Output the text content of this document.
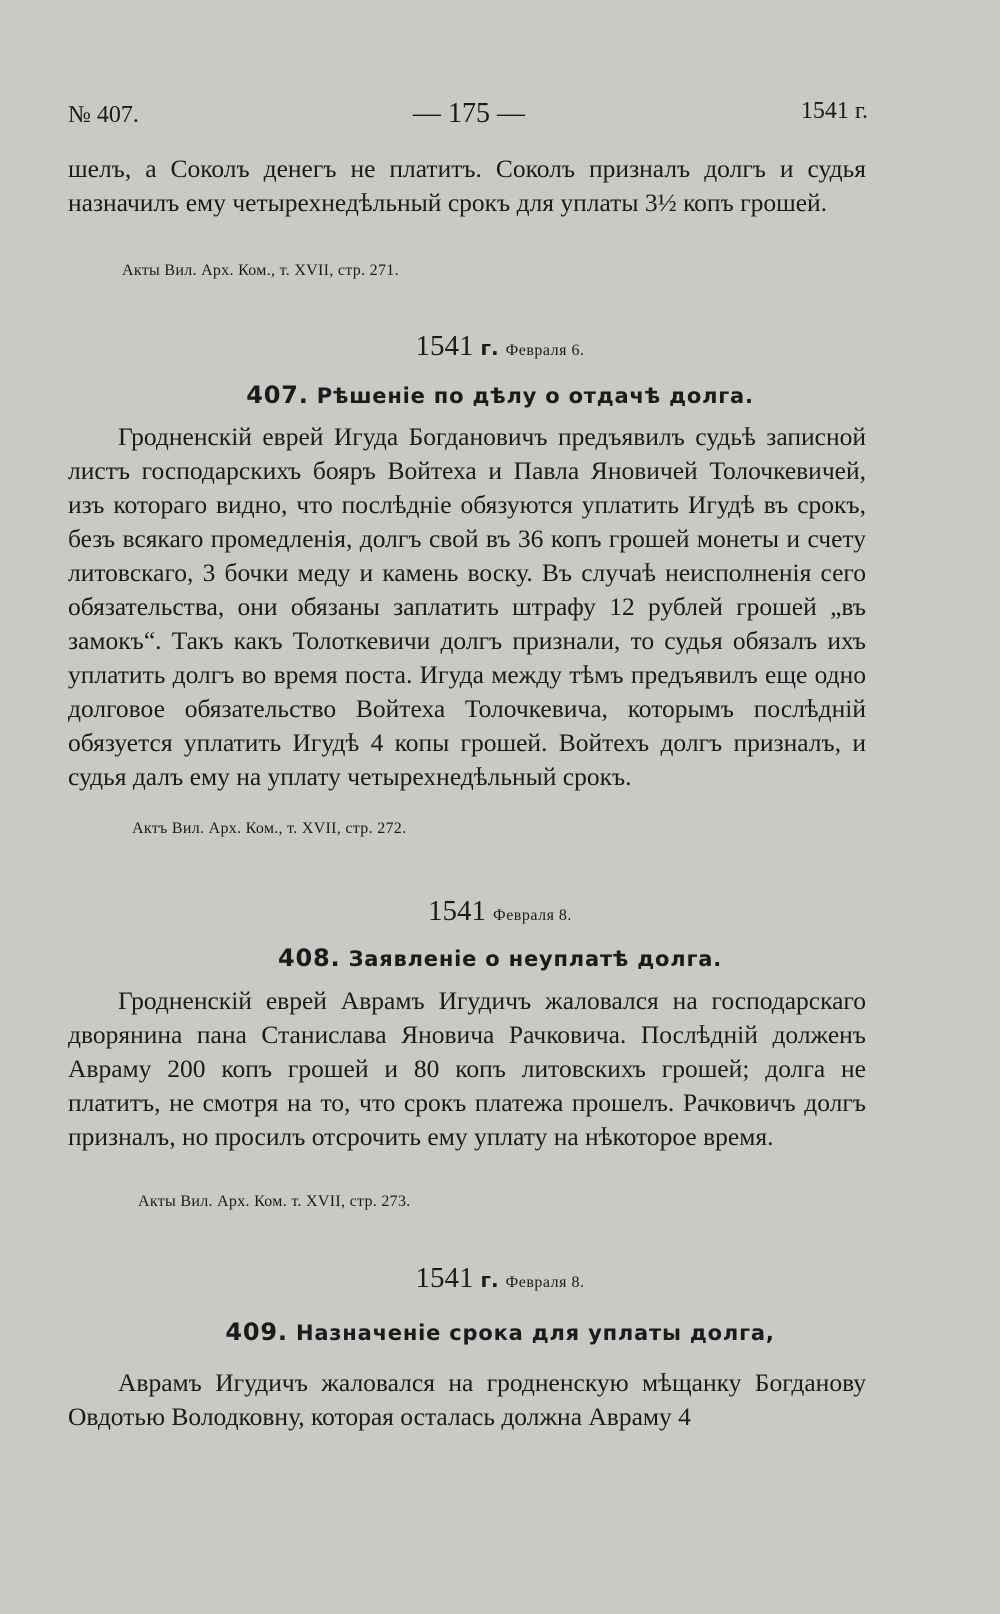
№ 407.	— 175 —	1541 г.
шелъ, а Соколъ денегъ не платитъ. Соколъ призналъ долгъ и судья назначилъ ему четырехнедѣльный срокъ для уплаты 3½ копъ грошей.
Акты Вил. Арх. Ком., т. XVII, стр. 271.
1541 г. Февраля 6.
407. Рѣшеніе по дѣлу о отдачѣ долга.
Гродненскій еврей Игуда Богдановичъ предъявилъ судьѣ записной листъ господарскихъ бояръ Войтеха и Павла Яновичей Толочкевичей, изъ котораго видно, что послѣдніе обязуются уплатить Игудѣ въ срокъ, безъ всякаго промедленія, долгъ свой въ 36 копъ грошей монеты и счету литовскаго, 3 бочки меду и камень воску. Въ случаѣ неисполненія сего обязательства, они обязаны заплатить штрафу 12 рублей грошей „въ замокъ“. Такъ какъ Толоткевичи долгъ признали, то судья обязалъ ихъ уплатить долгъ во время поста. Игуда между тѣмъ предъявилъ еще одно долговое обязательство Войтеха Толочкевича, которымъ послѣдній обязуется уплатить Игудѣ 4 копы грошей. Войтехъ долгъ призналъ, и судья далъ ему на уплату четырехнедѣльный срокъ.
Актъ Вил. Арх. Ком., т. XVII, стр. 272.
1541 Февраля 8.
408. Заявленіе о неуплатѣ долга.
Гродненскій еврей Аврамъ Игудичъ жаловался на господарскаго дворянина пана Станислава Яновича Рачковича. Послѣдній долженъ Авраму 200 копъ грошей и 80 копъ литовскихъ грошей; долга не платитъ, не смотря на то, что срокъ платежа прошелъ. Рачковичъ долгъ призналъ, но просилъ отсрочить ему уплату на нѣкоторое время.
Акты Вил. Арх. Ком. т. XVII, стр. 273.
1541 г. Февраля 8.
409. Назначеніе срока для уплаты долга,
Аврамъ Игудичъ жаловался на гродненскую мѣщанку Богданову Овдотью Володковну, которая осталась должна Авраму 4
